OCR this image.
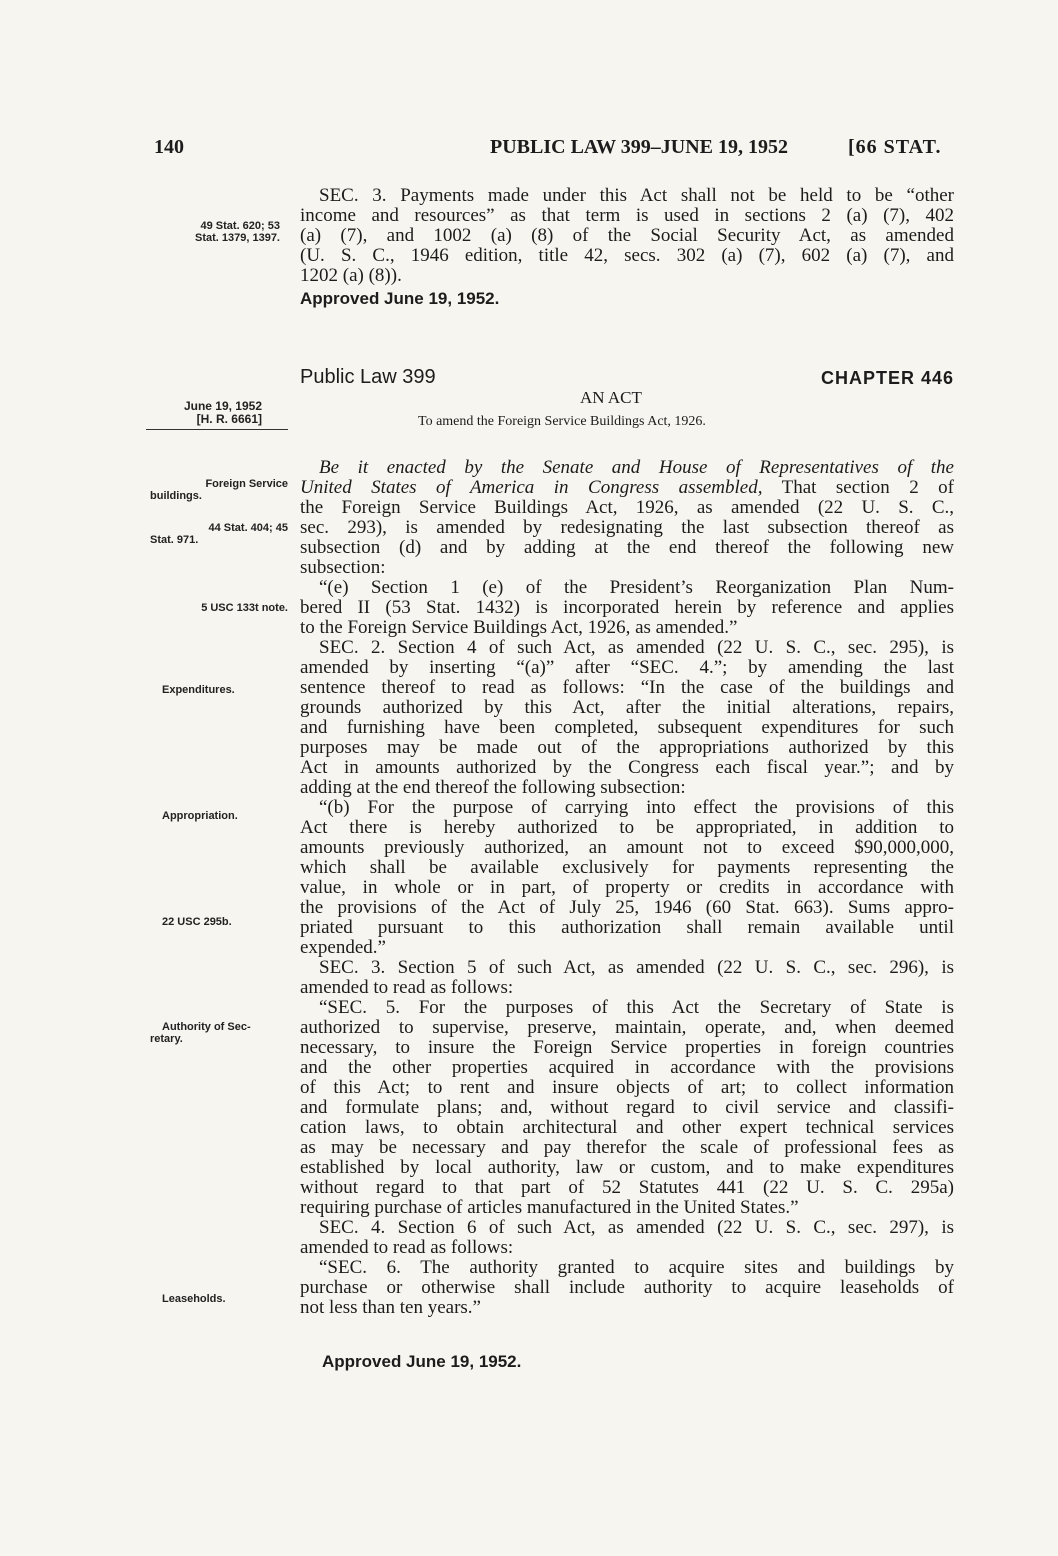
140	PUBLIC LAW 399–JUNE 19, 1952	[66 STAT.
49 Stat. 620; 53
Stat. 1379, 1397.
SEC. 3. Payments made under this Act shall not be held to be “other
income and resources” as that term is used in sections 2 (a) (7), 402
(a) (7), and 1002 (a) (8) of the Social Security Act, as amended
(U. S. C., 1946 edition, title 42, secs. 302 (a) (7), 602 (a) (7), and
1202 (a) (8)).
Approved June 19, 1952.
Public Law 399	CHAPTER 446
AN ACT
To amend the Foreign Service Buildings Act, 1926.
June 19, 1952
[H. R. 6661]
Foreign Service
buildings.
44 Stat. 404; 45
Stat. 971.
5 USC 133t note.
Expenditures.
Appropriation.
22 USC 295b.
Authority of Sec-
retary.
Leaseholds.
Be it enacted by the Senate and House of Representatives of the
United States of America in Congress assembled, That section 2 of
the Foreign Service Buildings Act, 1926, as amended (22 U. S. C.,
sec. 293), is amended by redesignating the last subsection thereof as
subsection (d) and by adding at the end thereof the following new
subsection:
“(e) Section 1 (e) of the President’s Reorganization Plan Num-
bered II (53 Stat. 1432) is incorporated herein by reference and applies
to the Foreign Service Buildings Act, 1926, as amended.”
SEC. 2. Section 4 of such Act, as amended (22 U. S. C., sec. 295), is
amended by inserting “(a)” after “SEC. 4.”; by amending the last
sentence thereof to read as follows: “In the case of the buildings and
grounds authorized by this Act, after the initial alterations, repairs,
and furnishing have been completed, subsequent expenditures for such
purposes may be made out of the appropriations authorized by this
Act in amounts authorized by the Congress each fiscal year.”; and by
adding at the end thereof the following subsection:
“(b) For the purpose of carrying into effect the provisions of this
Act there is hereby authorized to be appropriated, in addition to
amounts previously authorized, an amount not to exceed $90,000,000,
which shall be available exclusively for payments representing the
value, in whole or in part, of property or credits in accordance with
the provisions of the Act of July 25, 1946 (60 Stat. 663). Sums appro-
priated pursuant to this authorization shall remain available until
expended.”
SEC. 3. Section 5 of such Act, as amended (22 U. S. C., sec. 296), is
amended to read as follows:
“SEC. 5. For the purposes of this Act the Secretary of State is
authorized to supervise, preserve, maintain, operate, and, when deemed
necessary, to insure the Foreign Service properties in foreign countries
and the other properties acquired in accordance with the provisions
of this Act; to rent and insure objects of art; to collect information
and formulate plans; and, without regard to civil service and classifi-
cation laws, to obtain architectural and other expert technical services
as may be necessary and pay therefor the scale of professional fees as
established by local authority, law or custom, and to make expenditures
without regard to that part of 52 Statutes 441 (22 U. S. C. 295a)
requiring purchase of articles manufactured in the United States.”
SEC. 4. Section 6 of such Act, as amended (22 U. S. C., sec. 297), is
amended to read as follows:
“SEC. 6. The authority granted to acquire sites and buildings by
purchase or otherwise shall include authority to acquire leaseholds of
not less than ten years.”
Approved June 19, 1952.
